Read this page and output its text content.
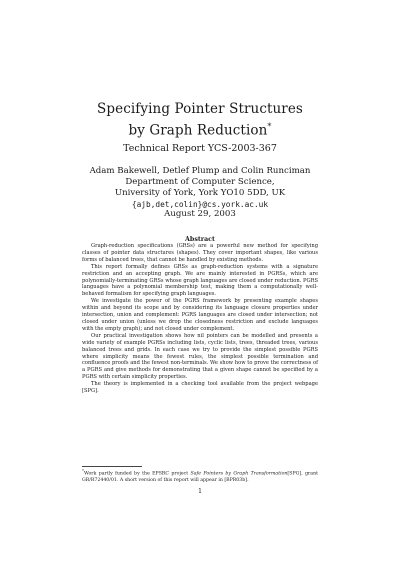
Specifying Pointer Structures
by Graph Reduction*
Technical Report YCS-2003-367
Adam Bakewell, Detlef Plump and Colin Runciman
Department of Computer Science,
University of York, York YO10 5DD, UK
{ajb,det,colin}@cs.york.ac.uk
August 29, 2003
Abstract

Graph-reduction specifications (GRSs) are a powerful new method for specifying classes of pointer data structures (shapes). They cover important shapes, like various forms of balanced trees, that cannot be handled by existing methods.

This report formally defines GRSs as graph-reduction systems with a signature restriction and an accepting graph. We are mainly interested in PGRSs, which are polynomially-terminating GRSs whose graph languages are closed under reduction. PGRS languages have a polynomial membership test, making them a computationally well-behaved formalism for specifying graph languages.

We investigate the power of the PGRS framework by presenting example shapes within and beyond its scope and by considering its language closure properties under intersection, union and complement: PGRS languages are closed under intersection; not closed under union (unless we drop the closedness restriction and exclude languages with the empty graph); and not closed under complement.

Our practical investigation shows how nil pointers can be modelled and presents a wide variety of example PGRSs including lists, cyclic lists, trees, threaded trees, various balanced trees and grids. In each case we try to provide the simplest possible PGRS where simplicity means the fewest rules, the simplest possible termination and confluence proofs and the fewest non-terminals. We show how to prove the correctness of a PGRS and give methods for demonstrating that a given shape cannot be specified by a PGRS with certain simplicity properties.

The theory is implemented in a checking tool available from the project webpage [SPG].

*Work partly funded by the EPSRC project Safe Pointers by Graph Transformation[SPG], grant GR/R72440/01. A short version of this report will appear in [BPR03b].
1
